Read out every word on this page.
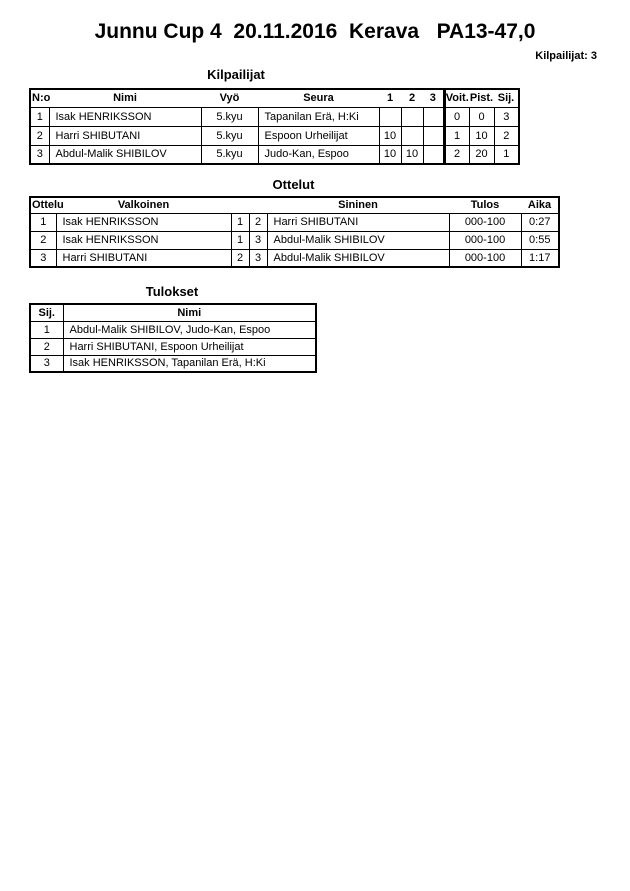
Junnu Cup 4  20.11.2016  Kerava   PA13-47,0
Kilpailijat: 3
Kilpailijat
N:o	Nimi	Vyö	Seura	1	2	3	Voit.	Pist.	Sij.
1	Isak HENRIKSSON	5.kyu	Tapanilan Erä, H:Ki				0	0	3
2	Harri SHIBUTANI	5.kyu	Espoon Urheilijat	10			1	10	2
3	Abdul-Malik SHIBILOV	5.kyu	Judo-Kan, Espoo	10	10		2	20	1
Ottelut
Ottelu	Valkoinen			Sininen	Tulos	Aika
1	Isak HENRIKSSON	1	2	Harri SHIBUTANI	000-100	0:27
2	Isak HENRIKSSON	1	3	Abdul-Malik SHIBILOV	000-100	0:55
3	Harri SHIBUTANI	2	3	Abdul-Malik SHIBILOV	000-100	1:17
Tulokset
Sij.	Nimi
1	Abdul-Malik SHIBILOV, Judo-Kan, Espoo
2	Harri SHIBUTANI, Espoon Urheilijat
3	Isak HENRIKSSON, Tapanilan Erä, H:Ki
